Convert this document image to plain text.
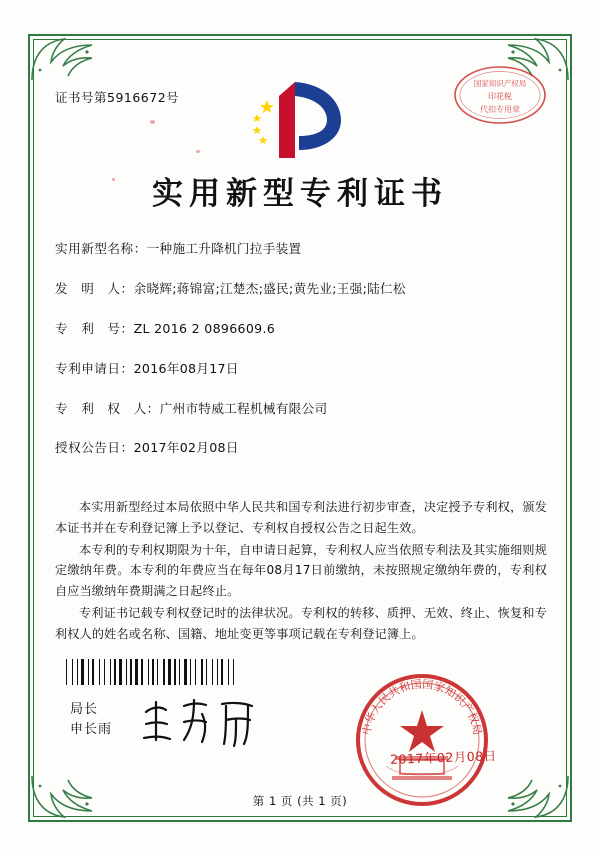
证书号第5916672号
国家知识产权局
印花税
代扣专用章
实用新型专利证书
实用新型名称：一种施工升降机门拉手装置
发　明　人：余晓辉;蒋锦富;江楚杰;盛民;黄先业;王强;陆仁松
专　利　号：ZL 2016 2 0896609.6
专利申请日：2016年08月17日
专　利　权　人：广州市特威工程机械有限公司
授权公告日：2017年02月08日

本实用新型经过本局依照中华人民共和国专利法进行初步审查，决定授予专利权，颁发本证书并在专利登记簿上予以登记、专利权自授权公告之日起生效。

本专利的专利权期限为十年，自申请日起算，专利权人应当依照专利法及其实施细则规定缴纳年费。本专利的年费应当在每年08月17日前缴纳，未按照规定缴纳年费的，专利权自应当缴纳年费期满之日起终止。

专利证书记载专利权登记时的法律状况。专利权的转移、质押、无效、终止、恢复和专利权人的姓名或名称、国籍、地址变更等事项记载在专利登记簿上。

局长
申长雨	中华人民共和国国家知识产权局
2017年02月08日
第 1 页 (共 1 页)
